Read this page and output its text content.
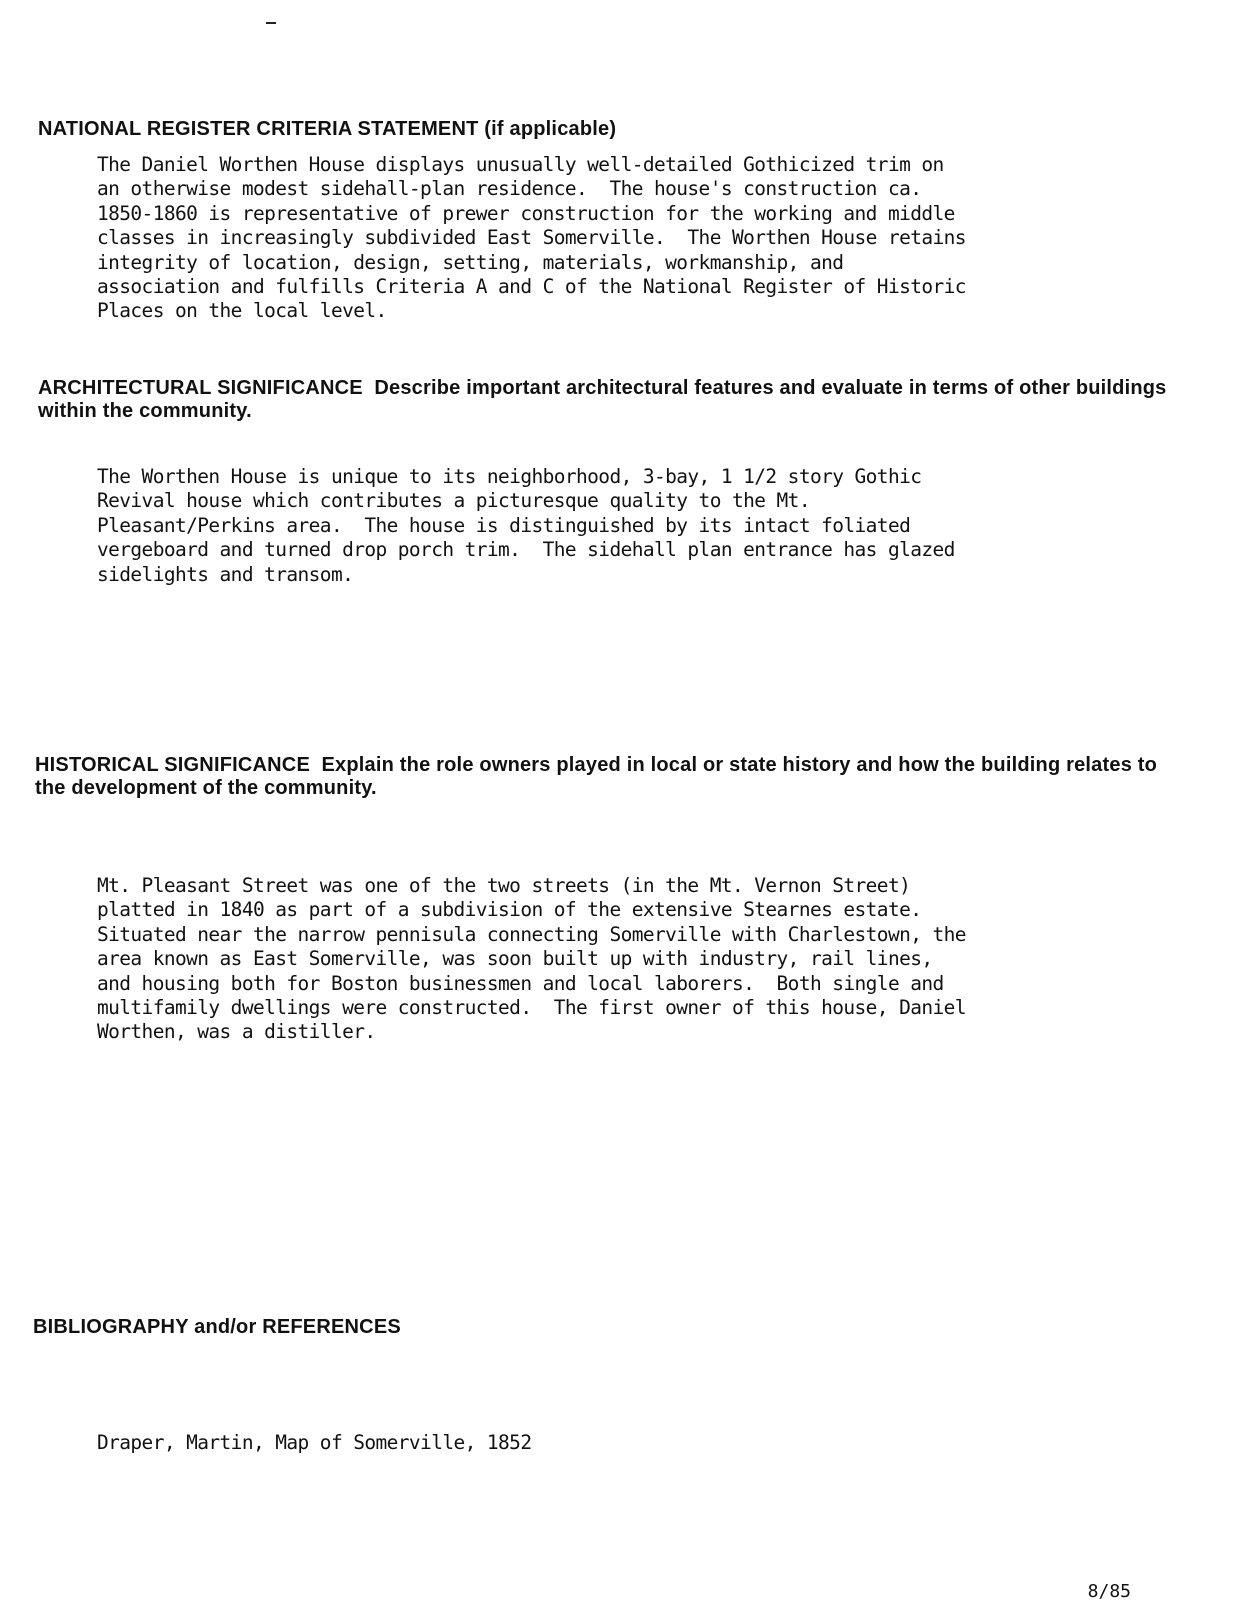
NATIONAL REGISTER CRITERIA STATEMENT (if applicable)
The Daniel Worthen House displays unusually well-detailed Gothicized trim on
an otherwise modest sidehall-plan residence.  The house's construction ca.
1850-1860 is representative of prewer construction for the working and middle
classes in increasingly subdivided East Somerville.  The Worthen House retains
integrity of location, design, setting, materials, workmanship, and
association and fulfills Criteria A and C of the National Register of Historic
Places on the local level.
ARCHITECTURAL SIGNIFICANCE Describe important architectural features and evaluate in terms of other buildings within the community.
The Worthen House is unique to its neighborhood, 3-bay, 1 1/2 story Gothic
Revival house which contributes a picturesque quality to the Mt.
Pleasant/Perkins area.  The house is distinguished by its intact foliated
vergeboard and turned drop porch trim.  The sidehall plan entrance has glazed
sidelights and transom.
HISTORICAL SIGNIFICANCE Explain the role owners played in local or state history and how the building relates to the development of the community.
Mt. Pleasant Street was one of the two streets (in the Mt. Vernon Street)
platted in 1840 as part of a subdivision of the extensive Stearnes estate.
Situated near the narrow pennisula connecting Somerville with Charlestown, the
area known as East Somerville, was soon built up with industry, rail lines,
and housing both for Boston businessmen and local laborers.  Both single and
multifamily dwellings were constructed.  The first owner of this house, Daniel
Worthen, was a distiller.
BIBLIOGRAPHY and/or REFERENCES
Draper, Martin, Map of Somerville, 1852
8/85
